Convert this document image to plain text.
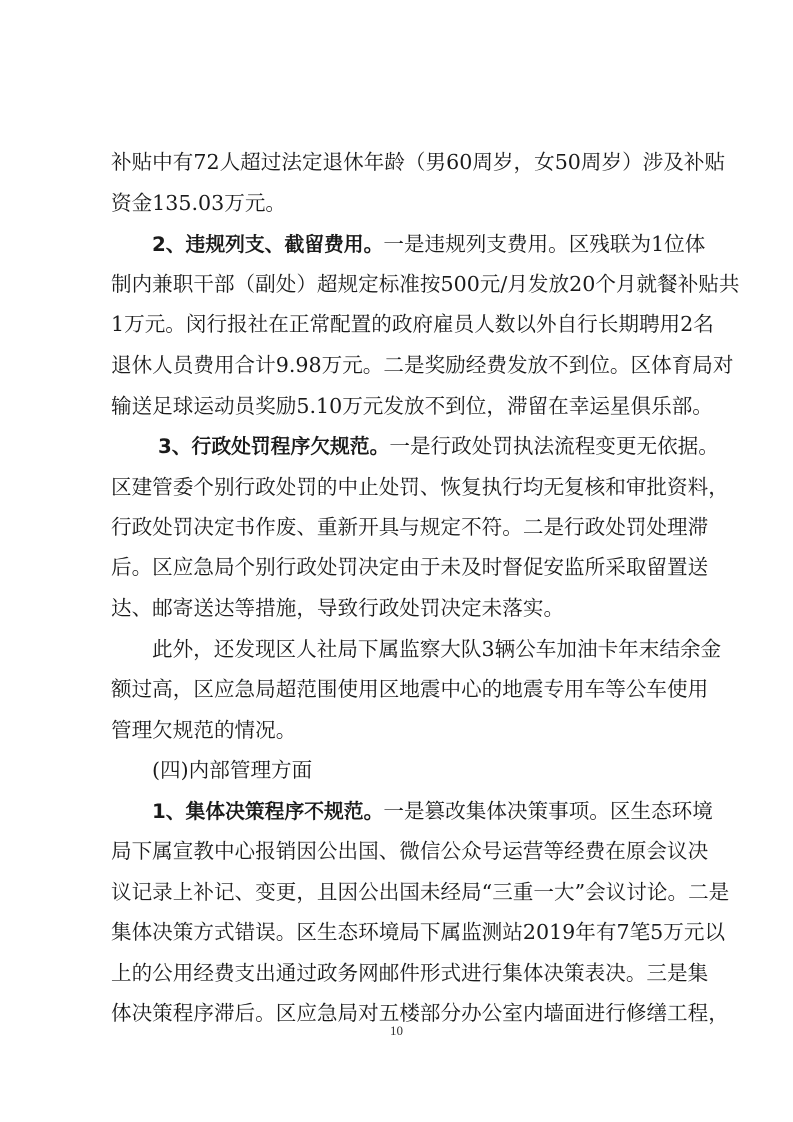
补贴中有72人超过法定退休年龄（男60周岁，女50周岁）涉及补贴
资金135.03万元。
2、违规列支、截留费用。一是违规列支费用。区残联为1位体
制内兼职干部（副处）超规定标准按500元/月发放20个月就餐补贴共
1万元。闵行报社在正常配置的政府雇员人数以外自行长期聘用2名
退休人员费用合计9.98万元。二是奖励经费发放不到位。区体育局对
输送足球运动员奖励5.10万元发放不到位，滞留在幸运星俱乐部。
3、行政处罚程序欠规范。一是行政处罚执法流程变更无依据。
区建管委个别行政处罚的中止处罚、恢复执行均无复核和审批资料，
行政处罚决定书作废、重新开具与规定不符。二是行政处罚处理滞
后。区应急局个别行政处罚决定由于未及时督促安监所采取留置送
达、邮寄送达等措施，导致行政处罚决定未落实。
此外，还发现区人社局下属监察大队3辆公车加油卡年末结余金
额过高，区应急局超范围使用区地震中心的地震专用车等公车使用
管理欠规范的情况。
(四)内部管理方面
1、集体决策程序不规范。一是篡改集体决策事项。区生态环境
局下属宣教中心报销因公出国、微信公众号运营等经费在原会议决
议记录上补记、变更，且因公出国未经局“三重一大”会议讨论。二是
集体决策方式错误。区生态环境局下属监测站2019年有7笔5万元以
上的公用经费支出通过政务网邮件形式进行集体决策表决。三是集
体决策程序滞后。区应急局对五楼部分办公室内墙面进行修缮工程，
10
